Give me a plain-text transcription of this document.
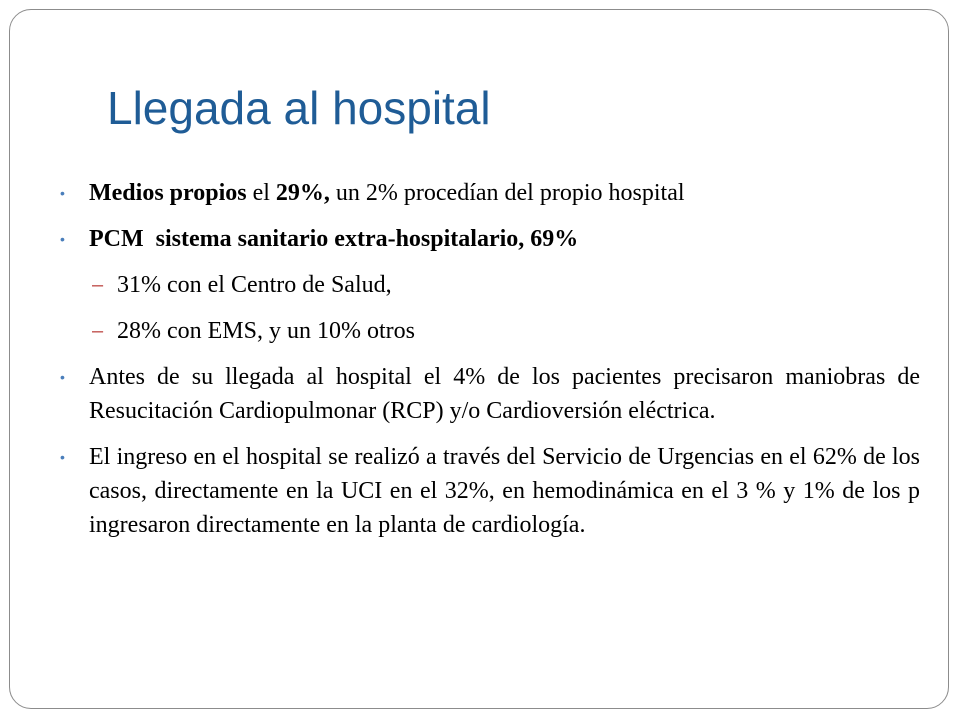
Llegada al hospital
•	Medios propios el 29%, un 2% procedían del propio hospital
•	PCM  sistema sanitario extra-hospitalario, 69%
– 31% con el Centro de Salud,
– 28% con EMS, y un 10% otros
•	Antes de su llegada al hospital el 4% de los pacientes precisaron maniobras de Resucitación Cardiopulmonar (RCP) y/o Cardioversión eléctrica.
•	El ingreso en el hospital se realizó a través del Servicio de Urgencias en el 62% de los casos, directamente en la UCI en el 32%, en hemodinámica en el 3 % y 1% de los p ingresaron directamente en la planta de cardiología.
